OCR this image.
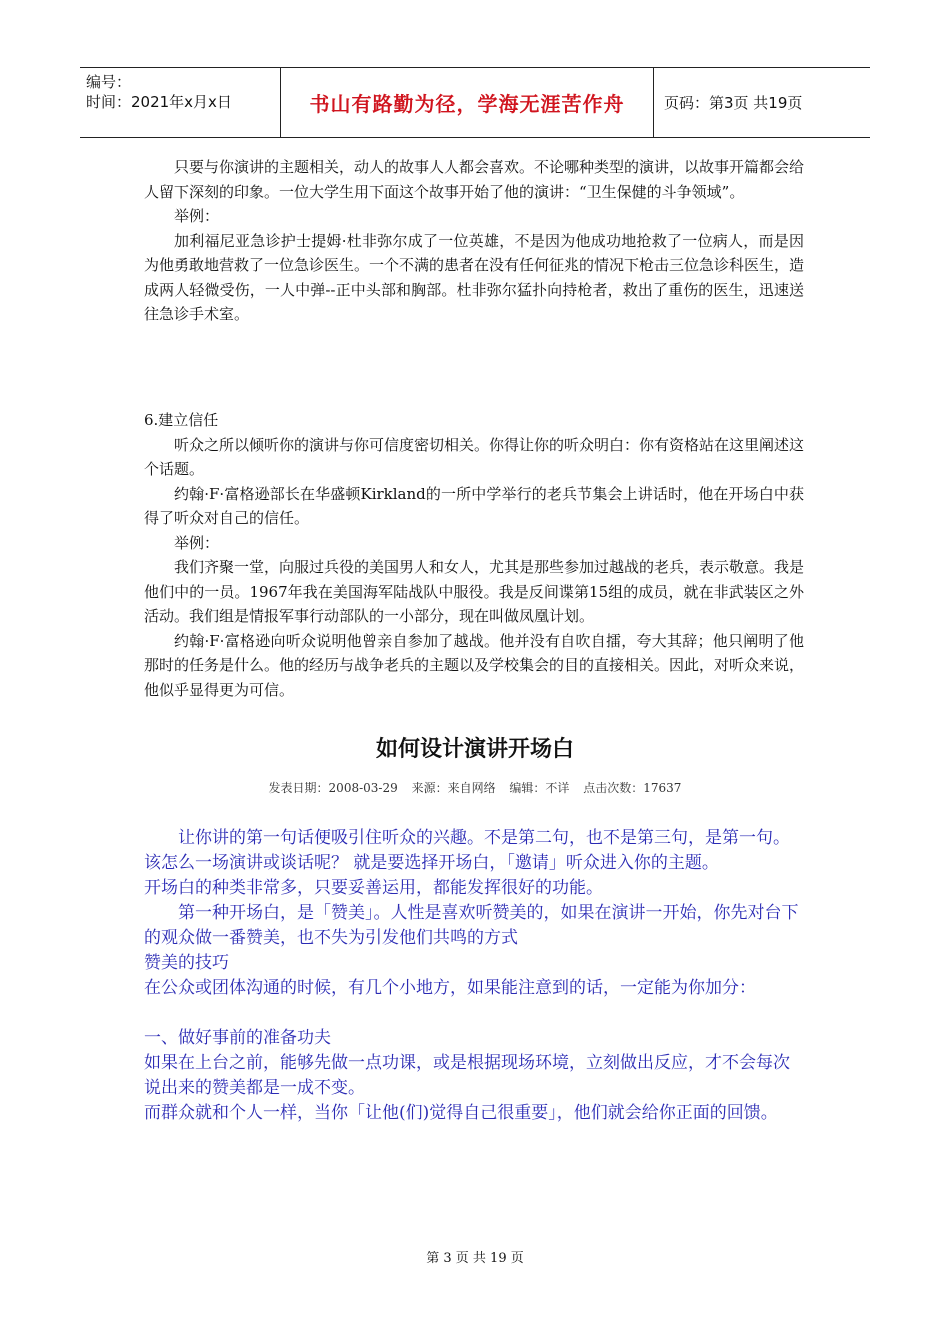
编号：
时间：2021年x月x日	书山有路勤为径，学海无涯苦作舟	页码：第3页 共19页

只要与你演讲的主题相关，动人的故事人人都会喜欢。不论哪种类型的演讲，以故事开篇都会给人留下深刻的印象。一位大学生用下面这个故事开始了他的演讲：“卫生保健的斗争领域”。

举例：

加利福尼亚急诊护士提姆·杜非弥尔成了一位英雄，不是因为他成功地抢救了一位病人，而是因为他勇敢地营救了一位急诊医生。一个不满的患者在没有任何征兆的情况下枪击三位急诊科医生，造成两人轻微受伤，一人中弹--正中头部和胸部。杜非弥尔猛扑向持枪者，救出了重伤的医生，迅速送往急诊手术室。

6.建立信任

听众之所以倾听你的演讲与你可信度密切相关。你得让你的听众明白：你有资格站在这里阐述这个话题。

约翰·F·富格逊部长在华盛顿Kirkland的一所中学举行的老兵节集会上讲话时，他在开场白中获得了听众对自己的信任。

举例：

我们齐聚一堂，向服过兵役的美国男人和女人，尤其是那些参加过越战的老兵，表示敬意。我是他们中的一员。1967年我在美国海军陆战队中服役。我是反间谍第15组的成员，就在非武装区之外活动。我们组是情报军事行动部队的一小部分，现在叫做凤凰计划。

约翰·F·富格逊向听众说明他曾亲自参加了越战。他并没有自吹自擂，夸大其辞；他只阐明了他那时的任务是什么。他的经历与战争老兵的主题以及学校集会的目的直接相关。因此，对听众来说，他似乎显得更为可信。

如何设计演讲开场白
发表日期：2008-03-29 来源：来自网络 编辑：不详 点击次数：17637

让你讲的第一句话便吸引住听众的兴趣。不是第二句，也不是第三句，是第一句。

该怎么一场演讲或谈话呢？ 就是要选择开场白，「邀请」听众进入你的主题。

开场白的种类非常多，只要妥善运用，都能发挥很好的功能。

第一种开场白，是「赞美」。人性是喜欢听赞美的，如果在演讲一开始，你先对台下的观众做一番赞美，也不失为引发他们共鸣的方式

赞美的技巧

在公众或团体沟通的时候，有几个小地方，如果能注意到的话，一定能为你加分：

一、做好事前的准备功夫

如果在上台之前，能够先做一点功课，或是根据现场环境，立刻做出反应，才不会每次说出来的赞美都是一成不变。

而群众就和个人一样，当你「让他(们)觉得自己很重要」，他们就会给你正面的回馈。

第 3 页 共 19 页
